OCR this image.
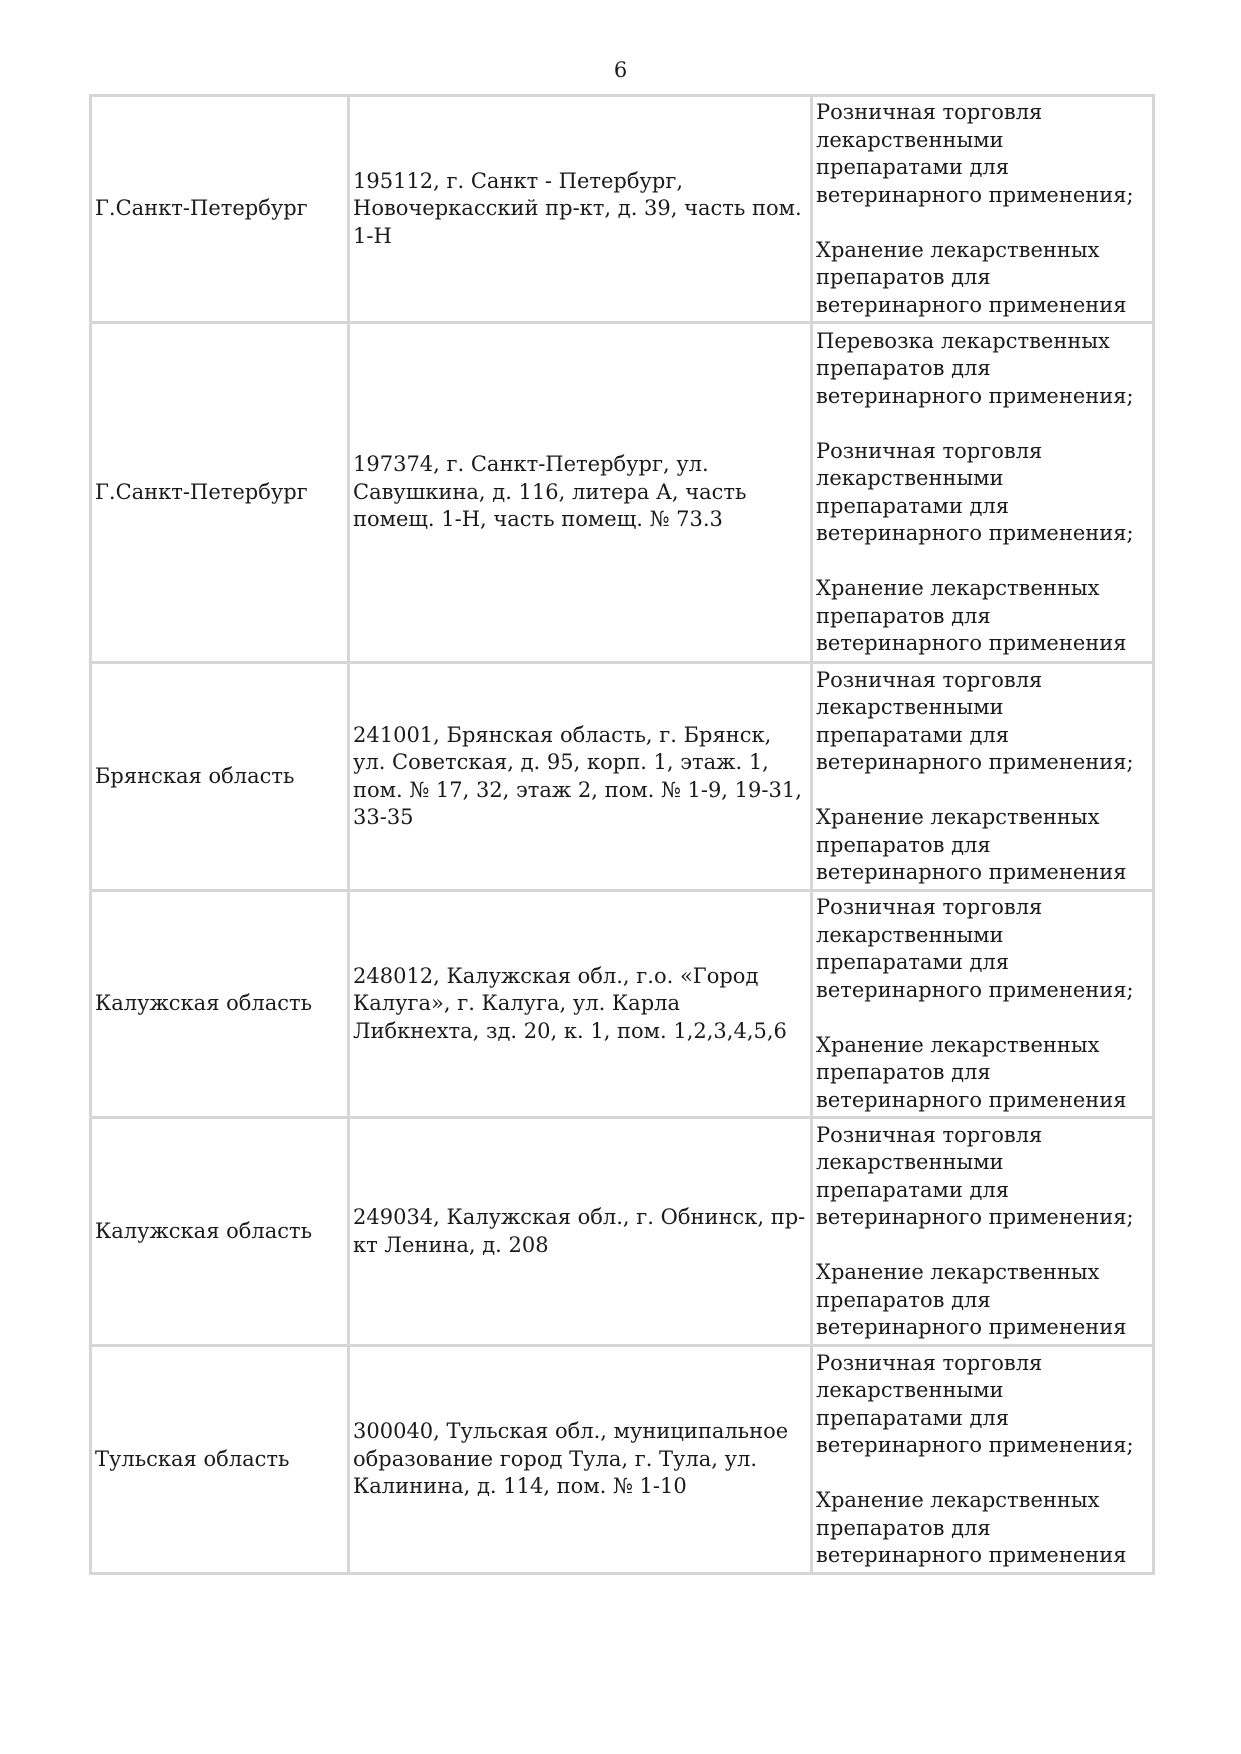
6
Г.Санкт-Петербург	195112, г. Санкт - Петербург, Новочеркасский пр-кт, д. 39, часть пом. 1-Н	Розничная торговля лекарственными препаратами для ветеринарного применения;
Хранение лекарственных препаратов для ветеринарного применения

Г.Санкт-Петербург	197374, г. Санкт-Петербург, ул. Савушкина, д. 116, литера А, часть помещ. 1-Н, часть помещ. № 73.3	Перевозка лекарственных препаратов для ветеринарного применения;
Розничная торговля лекарственными препаратами для ветеринарного применения;
Хранение лекарственных препаратов для ветеринарного применения

Брянская область	241001, Брянская область, г. Брянск, ул. Советская, д. 95, корп. 1, этаж. 1, пом. № 17, 32, этаж 2, пом. № 1-9, 19-31, 33-35	Розничная торговля лекарственными препаратами для ветеринарного применения;
Хранение лекарственных препаратов для ветеринарного применения

Калужская область	248012, Калужская обл., г.о. «Город Калуга», г. Калуга, ул. Карла Либкнехта, зд. 20, к. 1, пом. 1,2,3,4,5,6	Розничная торговля лекарственными препаратами для ветеринарного применения;
Хранение лекарственных препаратов для ветеринарного применения

Калужская область	249034, Калужская обл., г. Обнинск, пр-кт Ленина, д. 208	Розничная торговля лекарственными препаратами для ветеринарного применения;
Хранение лекарственных препаратов для ветеринарного применения

Тульская область	300040, Тульская обл., муниципальное образование город Тула, г. Тула, ул. Калинина, д. 114, пом. № 1-10	Розничная торговля лекарственными препаратами для ветеринарного применения;
Хранение лекарственных препаратов для ветеринарного применения
